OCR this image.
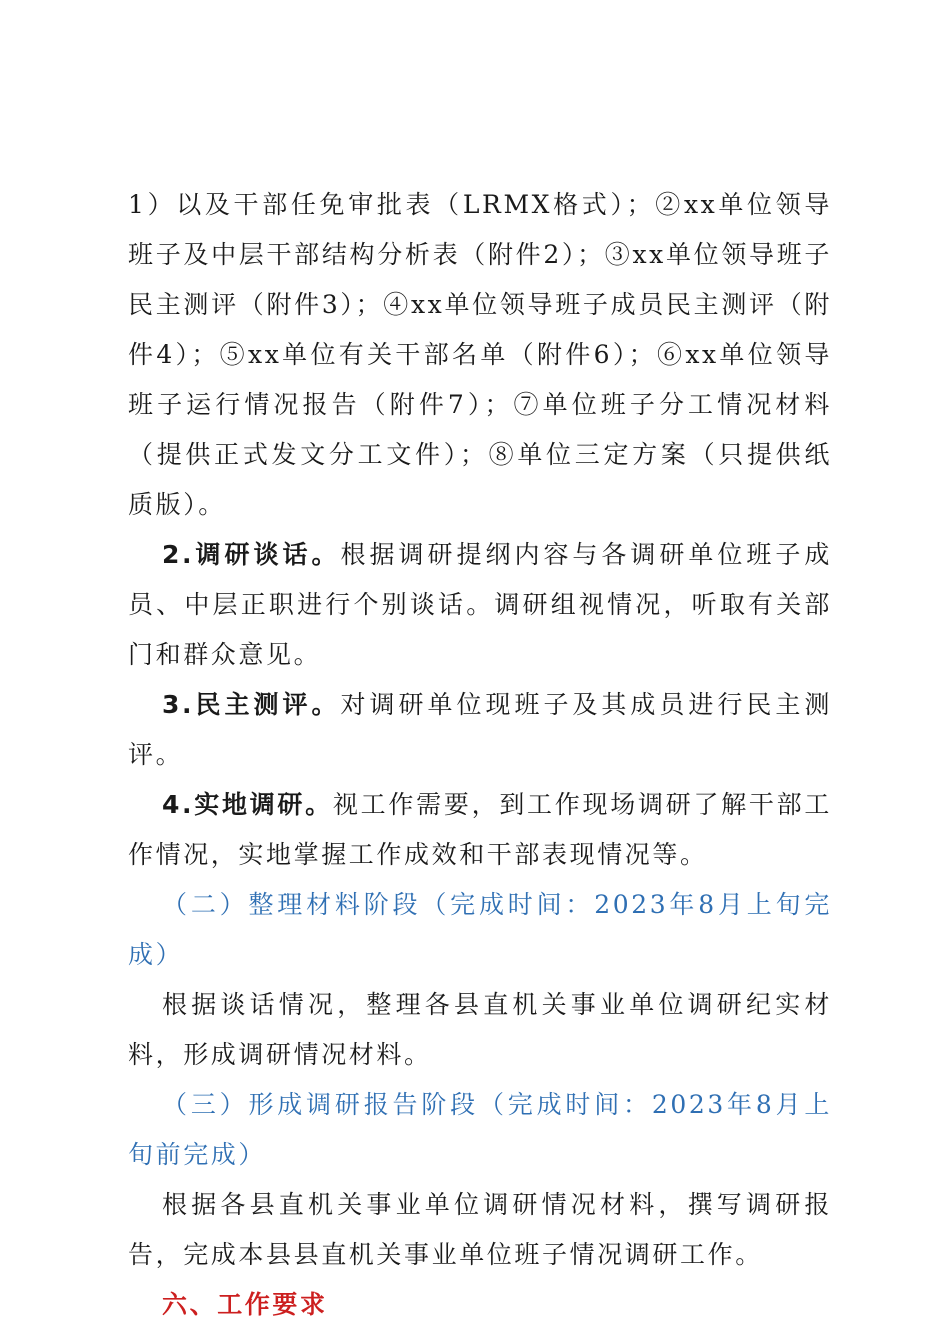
1）以及干部任免审批表（LRMX格式）；②xx单位领导班子及中层干部结构分析表（附件2）；③xx单位领导班子民主测评（附件3）；④xx单位领导班子成员民主测评（附件4）；⑤xx单位有关干部名单（附件6）；⑥xx单位领导班子运行情况报告（附件7）；⑦单位班子分工情况材料（提供正式发文分工文件）；⑧单位三定方案（只提供纸质版）。

2.调研谈话。根据调研提纲内容与各调研单位班子成员、中层正职进行个别谈话。调研组视情况，听取有关部门和群众意见。

3.民主测评。对调研单位现班子及其成员进行民主测评。

4.实地调研。视工作需要，到工作现场调研了解干部工作情况，实地掌握工作成效和干部表现情况等。

（二）整理材料阶段（完成时间：2023年8月上旬完成）

根据谈话情况，整理各县直机关事业单位调研纪实材料，形成调研情况材料。

（三）形成调研报告阶段（完成时间：2023年8月上旬前完成）

根据各县直机关事业单位调研情况材料，撰写调研报告，完成本县县直机关事业单位班子情况调研工作。

六、工作要求
